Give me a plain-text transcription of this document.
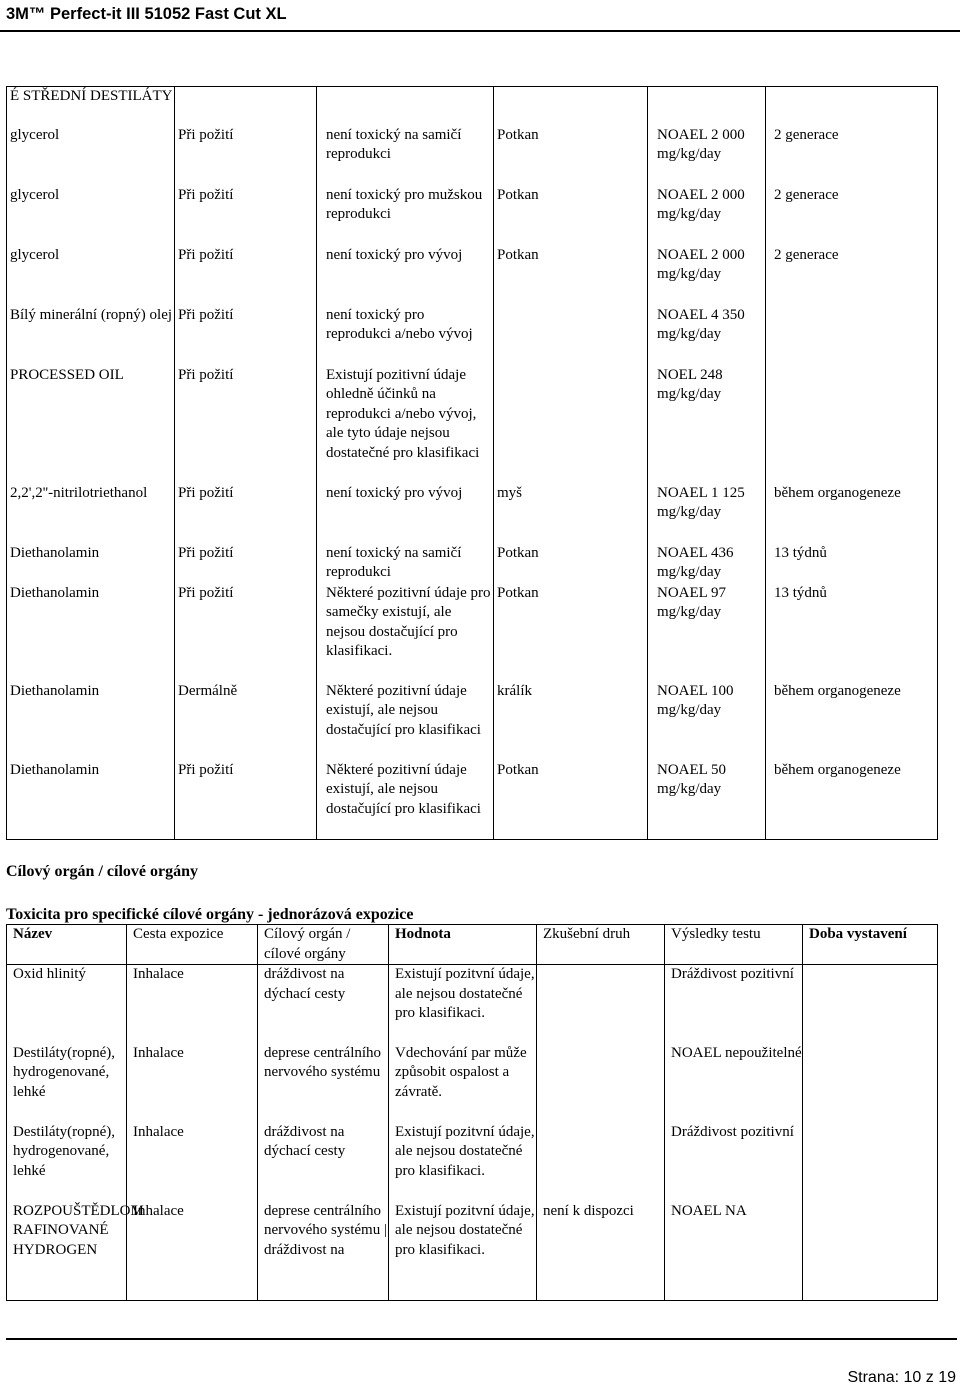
3M™ Perfect-it III 51052 Fast Cut XL
É STŘEDNÍ DESTILÁTY					
glycerol	Při požití	není toxický na samičí reprodukci	Potkan	NOAEL 2 000 mg/kg/day	2 generace
glycerol	Při požití	není toxický pro mužskou reprodukci	Potkan	NOAEL 2 000 mg/kg/day	2 generace
glycerol	Při požití	není toxický pro vývoj	Potkan	NOAEL 2 000 mg/kg/day	2 generace
Bílý minerální (ropný) olej	Při požití	není toxický pro reprodukci a/nebo vývoj		NOAEL 4 350 mg/kg/day	
PROCESSED OIL	Při požití	Existují pozitivní údaje ohledně účinků na reprodukci a/nebo vývoj, ale tyto údaje nejsou dostatečné pro klasifikaci		NOEL 248 mg/kg/day	
2,2',2''-nitrilotriethanol	Při požití	není toxický pro vývoj	myš	NOAEL 1 125 mg/kg/day	během organogeneze
Diethanolamin	Při požití	není toxický na samičí reprodukci	Potkan	NOAEL 436 mg/kg/day	13 týdnů
Diethanolamin	Při požití	Některé pozitivní údaje pro samečky existují, ale nejsou dostačující pro klasifikaci.	Potkan	NOAEL 97 mg/kg/day	13 týdnů
Diethanolamin	Dermálně	Některé pozitivní údaje existují, ale nejsou dostačující pro klasifikaci	králík	NOAEL 100 mg/kg/day	během organogeneze
Diethanolamin	Při požití	Některé pozitivní údaje existují, ale nejsou dostačující pro klasifikaci	Potkan	NOAEL 50 mg/kg/day	během organogeneze
Cílový orgán / cílové orgány
Toxicita pro specifické cílové orgány - jednorázová expozice
Název	Cesta expozice	Cílový orgán / cílové orgány	Hodnota	Zkušební druh	Výsledky testu	Doba vystavení
Oxid hlinitý	Inhalace	dráždivost na dýchací cesty	Existují pozitvní údaje, ale nejsou dostatečné pro klasifikaci.		Dráždivost pozitivní	
Destiláty(ropné), hydrogenované, lehké	Inhalace	deprese centrálního nervového systému	Vdechování par může způsobit ospalost a závratě.		NOAEL nepoužitelné	
Destiláty(ropné), hydrogenované, lehké	Inhalace	dráždivost na dýchací cesty	Existují pozitvní údaje, ale nejsou dostatečné pro klasifikaci.		Dráždivost pozitivní	
ROZPOUŠTĚDLOM RAFINOVANÉ HYDROGEN	Inhalace	deprese centrálního nervového systému | dráždivost na	Existují pozitvní údaje, ale nejsou dostatečné pro klasifikaci.	není k dispozci	NOAEL NA	
Strana: 10 z 19
